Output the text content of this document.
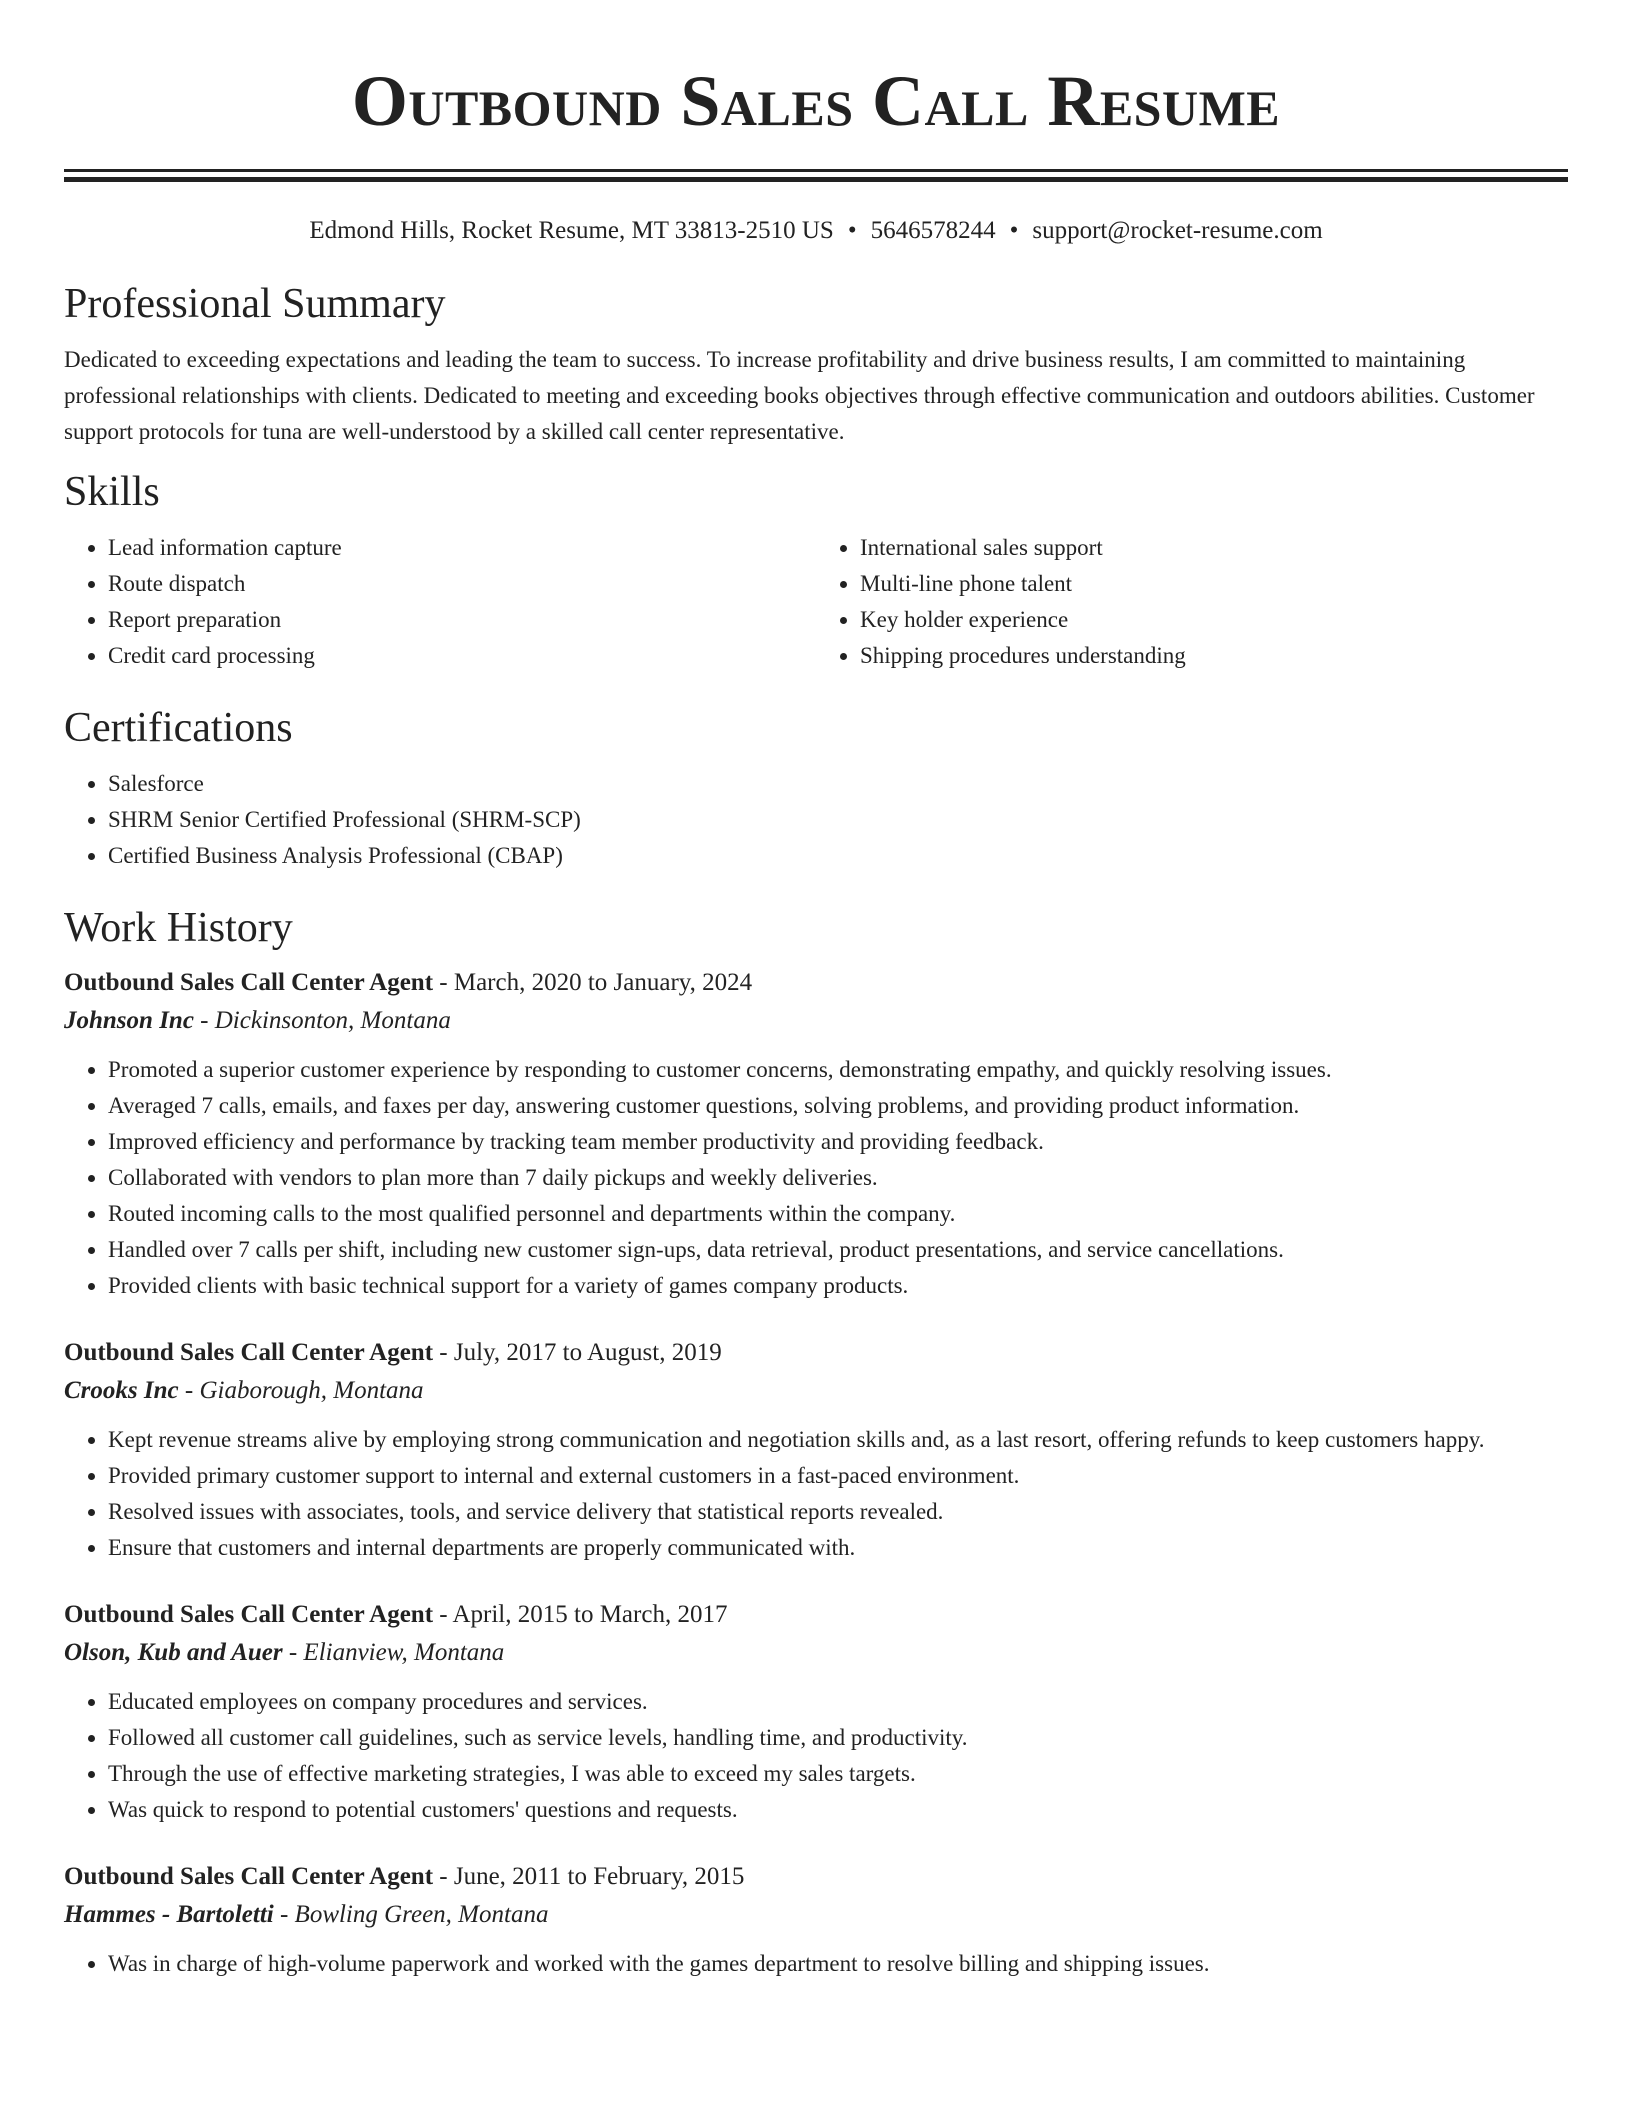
Outbound Sales Call Resume
Edmond Hills, Rocket Resume, MT 33813-2510 US • 5646578244 • support@rocket-resume.com
Professional Summary

Dedicated to exceeding expectations and leading the team to success. To increase profitability and drive business results, I am committed to maintaining professional relationships with clients. Dedicated to meeting and exceeding books objectives through effective communication and outdoors abilities. Customer support protocols for tuna are well-understood by a skilled call center representative.

Skills
• Lead information capture
• Route dispatch
• Report preparation
• Credit card processing
• International sales support
• Multi-line phone talent
• Key holder experience
• Shipping procedures understanding
Certifications
• Salesforce
• SHRM Senior Certified Professional (SHRM-SCP)
• Certified Business Analysis Professional (CBAP)
Work History
Outbound Sales Call Center Agent - March, 2020 to January, 2024
Johnson Inc - Dickinsonton, Montana
• Promoted a superior customer experience by responding to customer concerns, demonstrating empathy, and quickly resolving issues.
• Averaged 7 calls, emails, and faxes per day, answering customer questions, solving problems, and providing product information.
• Improved efficiency and performance by tracking team member productivity and providing feedback.
• Collaborated with vendors to plan more than 7 daily pickups and weekly deliveries.
• Routed incoming calls to the most qualified personnel and departments within the company.
• Handled over 7 calls per shift, including new customer sign-ups, data retrieval, product presentations, and service cancellations.
• Provided clients with basic technical support for a variety of games company products.
Outbound Sales Call Center Agent - July, 2017 to August, 2019
Crooks Inc - Giaborough, Montana
• Kept revenue streams alive by employing strong communication and negotiation skills and, as a last resort, offering refunds to keep customers happy.
• Provided primary customer support to internal and external customers in a fast-paced environment.
• Resolved issues with associates, tools, and service delivery that statistical reports revealed.
• Ensure that customers and internal departments are properly communicated with.
Outbound Sales Call Center Agent - April, 2015 to March, 2017
Olson, Kub and Auer - Elianview, Montana
• Educated employees on company procedures and services.
• Followed all customer call guidelines, such as service levels, handling time, and productivity.
• Through the use of effective marketing strategies, I was able to exceed my sales targets.
• Was quick to respond to potential customers' questions and requests.
Outbound Sales Call Center Agent - June, 2011 to February, 2015
Hammes - Bartoletti - Bowling Green, Montana
• Was in charge of high-volume paperwork and worked with the games department to resolve billing and shipping issues.
